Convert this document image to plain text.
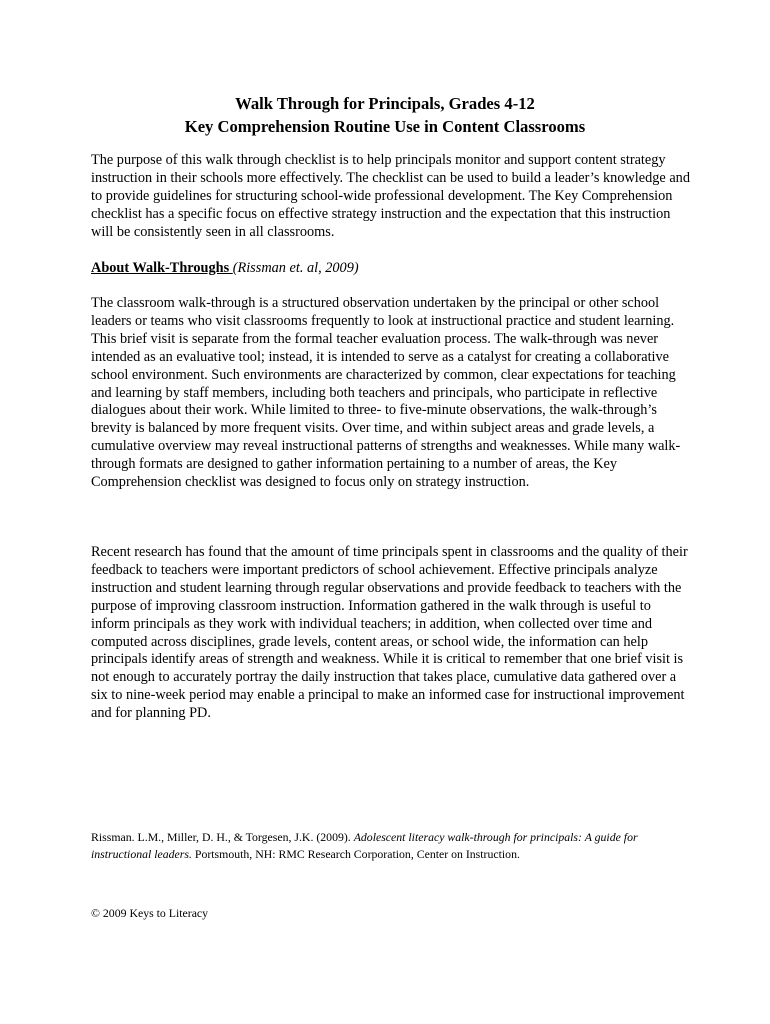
Walk Through for Principals, Grades 4-12
Key Comprehension Routine Use in Content Classrooms

The purpose of this walk through checklist is to help principals monitor and support content strategy instruction in their schools more effectively. The checklist can be used to build a leader’s knowledge and to provide guidelines for structuring school-wide professional development. The Key Comprehension checklist has a specific focus on effective strategy instruction and the expectation that this instruction will be consistently seen in all classrooms.

About Walk-Throughs (Rissman et. al, 2009)

The classroom walk-through is a structured observation undertaken by the principal or other school leaders or teams who visit classrooms frequently to look at instructional practice and student learning. This brief visit is separate from the formal teacher evaluation process. The walk-through was never intended as an evaluative tool; instead, it is intended to serve as a catalyst for creating a collaborative school environment. Such environments are characterized by common, clear expectations for teaching and learning by staff members, including both teachers and principals, who participate in reflective dialogues about their work. While limited to three- to five-minute observations, the walk-through’s brevity is balanced by more frequent visits. Over time, and within subject areas and grade levels, a cumulative overview may reveal instructional patterns of strengths and weaknesses. While many walk-through formats are designed to gather information pertaining to a number of areas, the Key Comprehension checklist was designed to focus only on strategy instruction.

Recent research has found that the amount of time principals spent in classrooms and the quality of their feedback to teachers were important predictors of school achievement. Effective principals analyze instruction and student learning through regular observations and provide feedback to teachers with the purpose of improving classroom instruction. Information gathered in the walk through is useful to inform principals as they work with individual teachers; in addition, when collected over time and computed across disciplines, grade levels, content areas, or school wide, the information can help principals identify areas of strength and weakness. While it is critical to remember that one brief visit is not enough to accurately portray the daily instruction that takes place, cumulative data gathered over a six to nine-week period may enable a principal to make an informed case for instructional improvement and for planning PD.

Rissman. L.M., Miller, D. H., & Torgesen, J.K. (2009). Adolescent literacy walk-through for principals: A guide for instructional leaders. Portsmouth, NH: RMC Research Corporation, Center on Instruction.

© 2009 Keys to Literacy
